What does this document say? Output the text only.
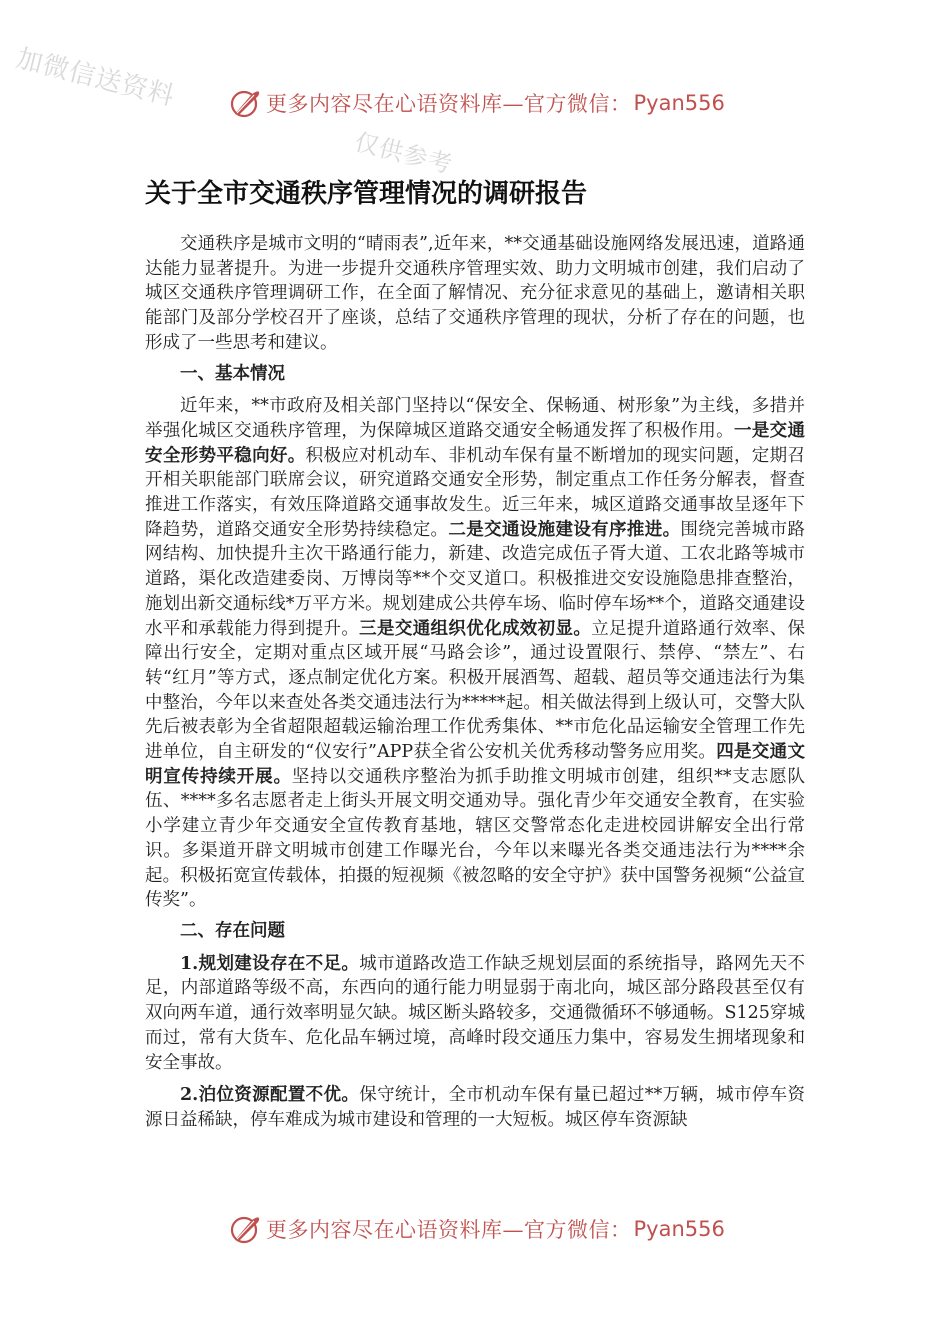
加微信送资料
仅供参考
更多内容尽在心语资料库—官方微信： Pyan556
关于全市交通秩序管理情况的调研报告

交通秩序是城市文明的“晴雨表”,近年来，**交通基础设施网络发展迅速，道路通达能力显著提升。为进一步提升交通秩序管理实效、助力文明城市创建，我们启动了城区交通秩序管理调研工作，在全面了解情况、充分征求意见的基础上，邀请相关职能部门及部分学校召开了座谈，总结了交通秩序管理的现状，分析了存在的问题，也形成了一些思考和建议。

一、基本情况

近年来，**市政府及相关部门坚持以“保安全、保畅通、树形象”为主线，多措并举强化城区交通秩序管理，为保障城区道路交通安全畅通发挥了积极作用。一是交通安全形势平稳向好。积极应对机动车、非机动车保有量不断增加的现实问题，定期召开相关职能部门联席会议，研究道路交通安全形势，制定重点工作任务分解表，督查推进工作落实，有效压降道路交通事故发生。近三年来，城区道路交通事故呈逐年下降趋势，道路交通安全形势持续稳定。二是交通设施建设有序推进。围绕完善城市路网结构、加快提升主次干路通行能力，新建、改造完成伍子胥大道、工农北路等城市道路，渠化改造建委岗、万博岗等**个交叉道口。积极推进交安设施隐患排查整治，施划出新交通标线*万平方米。规划建成公共停车场、临时停车场**个，道路交通建设水平和承载能力得到提升。三是交通组织优化成效初显。立足提升道路通行效率、保障出行安全，定期对重点区域开展“马路会诊”，通过设置限行、禁停、“禁左”、右转“红月”等方式，逐点制定优化方案。积极开展酒驾、超载、超员等交通违法行为集中整治，今年以来查处各类交通违法行为*****起。相关做法得到上级认可，交警大队先后被表彰为全省超限超载运输治理工作优秀集体、**市危化品运输安全管理工作先进单位，自主研发的“仪安行”APP获全省公安机关优秀移动警务应用奖。四是交通文明宣传持续开展。坚持以交通秩序整治为抓手助推文明城市创建，组织**支志愿队伍、****多名志愿者走上街头开展文明交通劝导。强化青少年交通安全教育，在实验小学建立青少年交通安全宣传教育基地，辖区交警常态化走进校园讲解安全出行常识。多渠道开辟文明城市创建工作曝光台，今年以来曝光各类交通违法行为****余起。积极拓宽宣传载体，拍摄的短视频《被忽略的安全守护》获中国警务视频“公益宣传奖”。

二、存在问题

1.规划建设存在不足。城市道路改造工作缺乏规划层面的系统指导，路网先天不足，内部道路等级不高，东西向的通行能力明显弱于南北向，城区部分路段甚至仅有双向两车道，通行效率明显欠缺。城区断头路较多，交通微循环不够通畅。S125穿城而过，常有大货车、危化品车辆过境，高峰时段交通压力集中，容易发生拥堵现象和安全事故。

2.泊位资源配置不优。保守统计，全市机动车保有量已超过**万辆，城市停车资源日益稀缺，停车难成为城市建设和管理的一大短板。城区停车资源缺

更多内容尽在心语资料库—官方微信： Pyan556
